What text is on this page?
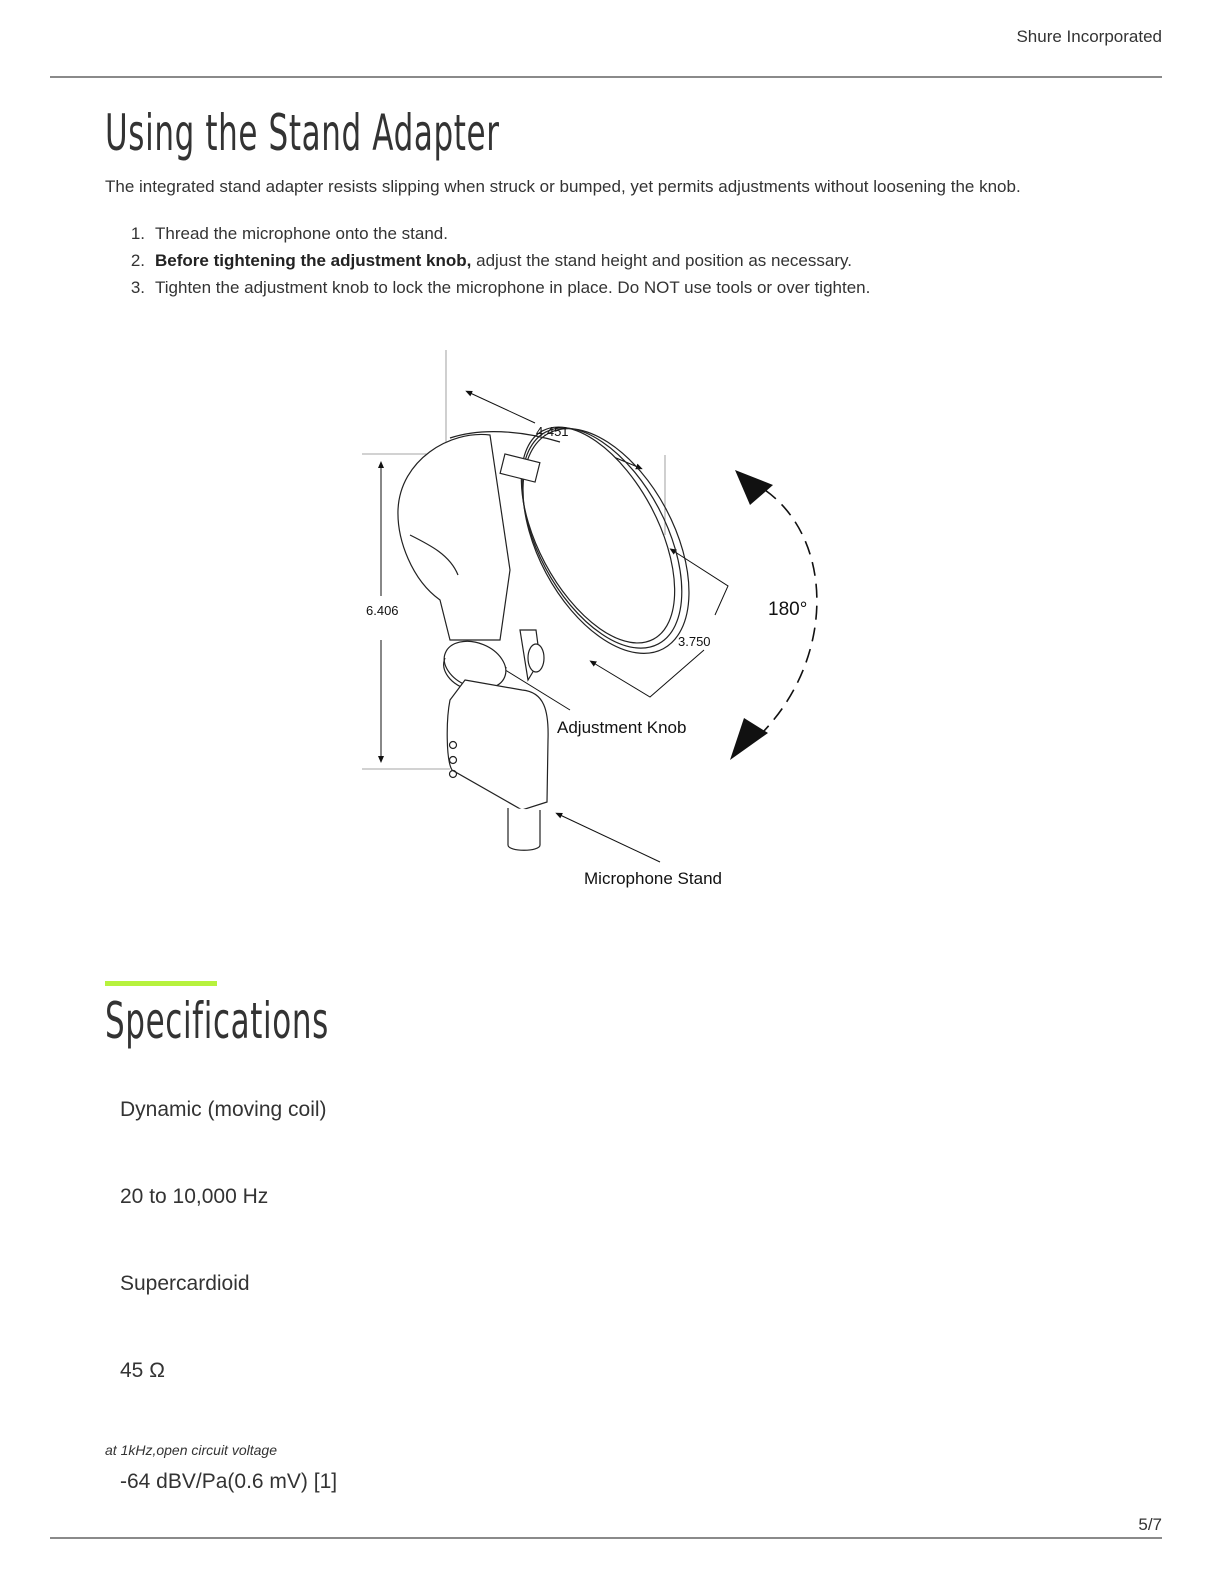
Shure Incorporated
Using the Stand Adapter

The integrated stand adapter resists slipping when struck or bumped, yet permits adjustments without loosening the knob.

1. Thread the microphone onto the stand.
2. Before tightening the adjustment knob, adjust the stand height and position as necessary.
3. Tighten the adjustment knob to lock the microphone in place. Do NOT use tools or over tighten.
4.451
6.406
3.750
180°
Adjustment Knob
Microphone Stand
Specifications
Dynamic (moving coil)
20 to 10,000 Hz
Supercardioid
45 Ω
at 1kHz,open circuit voltage
-64 dBV/Pa(0.6 mV) [1]
5/7
